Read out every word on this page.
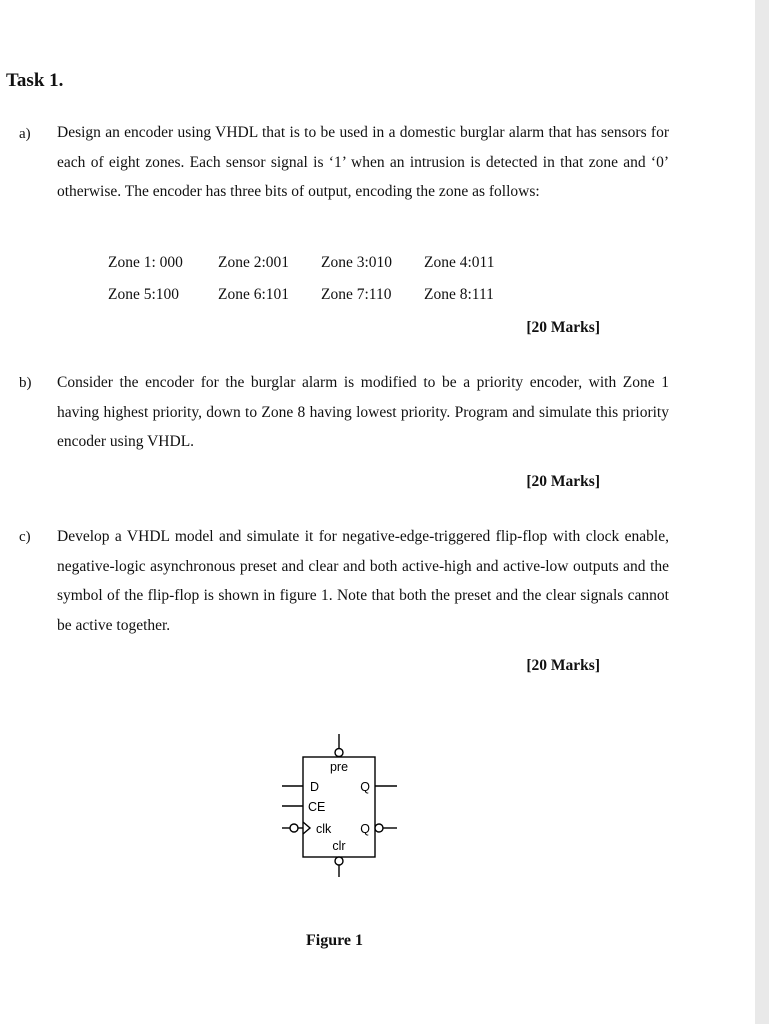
Task 1.
a) Design an encoder using VHDL that is to be used in a domestic burglar alarm that has sensors for each of eight zones. Each sensor signal is ‘1’ when an intrusion is detected in that zone and ‘0’ otherwise. The encoder has three bits of output, encoding the zone as follows:
Zone 1: 000 Zone 2:001 Zone 3:010 Zone 4:011
Zone 5:100	Zone 6:101 Zone 7:110 Zone 8:111
[20 Marks]
b) Consider the encoder for the burglar alarm is modified to be a priority encoder, with Zone 1 having highest priority, down to Zone 8 having lowest priority. Program and simulate this priority encoder using VHDL.
[20 Marks]
c) Develop a VHDL model and simulate it for negative-edge-triggered flip-flop with clock enable, negative-logic asynchronous preset and clear and both active-high and active-low outputs and the symbol of the flip-flop is shown in figure 1. Note that both the preset and the clear signals cannot be active together.
[20 Marks]
pre
D	Q
CE
clk Q
clr
Figure 1
